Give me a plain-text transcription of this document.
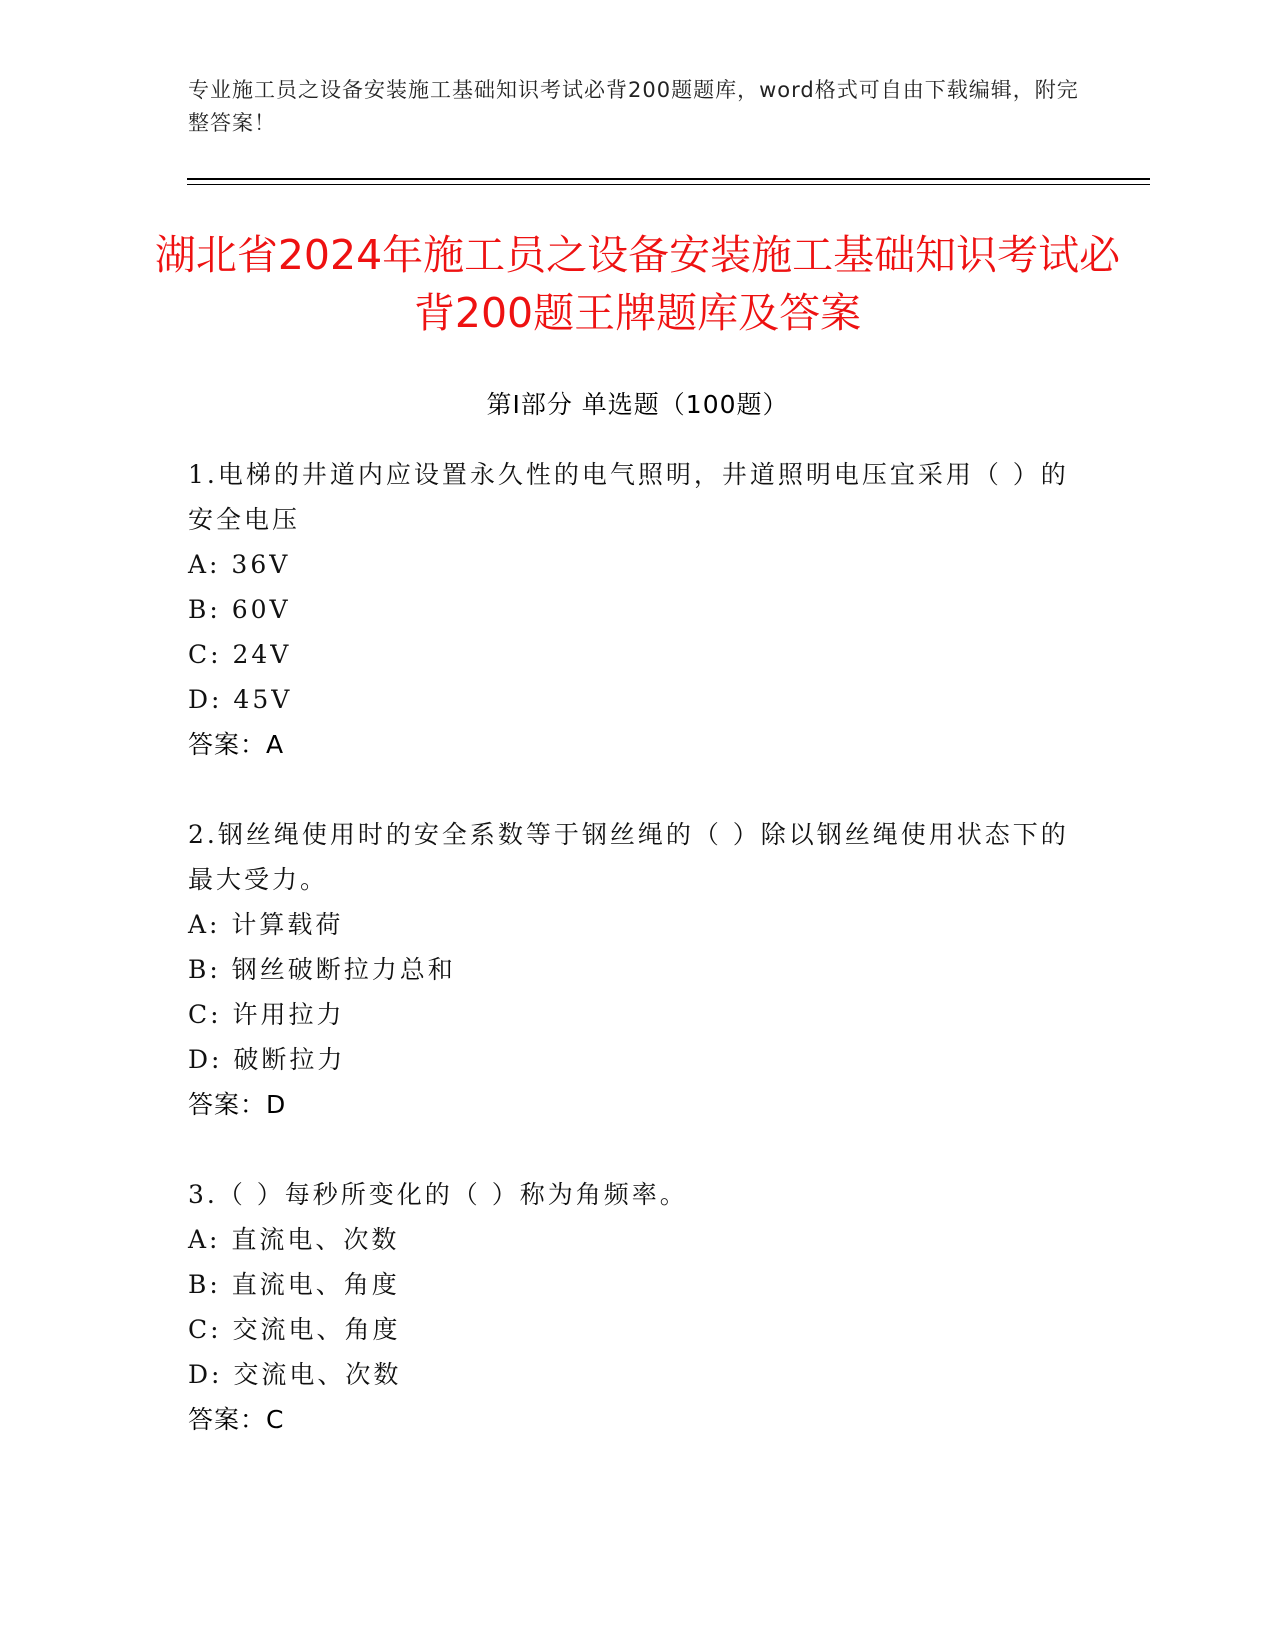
专业施工员之设备安装施工基础知识考试必背200题题库，word格式可自由下载编辑，附完整答案！
湖北省2024年施工员之设备安装施工基础知识考试必背200题王牌题库及答案
第Ⅰ部分 单选题（100题）

1.电梯的井道内应设置永久性的电气照明，井道照明电压宜采用（ ）的安全电压

A: 36V

B: 60V

C: 24V

D: 45V

答案：A

2.钢丝绳使用时的安全系数等于钢丝绳的（ ）除以钢丝绳使用状态下的最大受力。

A: 计算载荷

B: 钢丝破断拉力总和

C: 许用拉力

D: 破断拉力

答案：D

3.（ ）每秒所变化的（ ）称为角频率。

A: 直流电、次数

B: 直流电、角度

C: 交流电、角度

D: 交流电、次数

答案：C
